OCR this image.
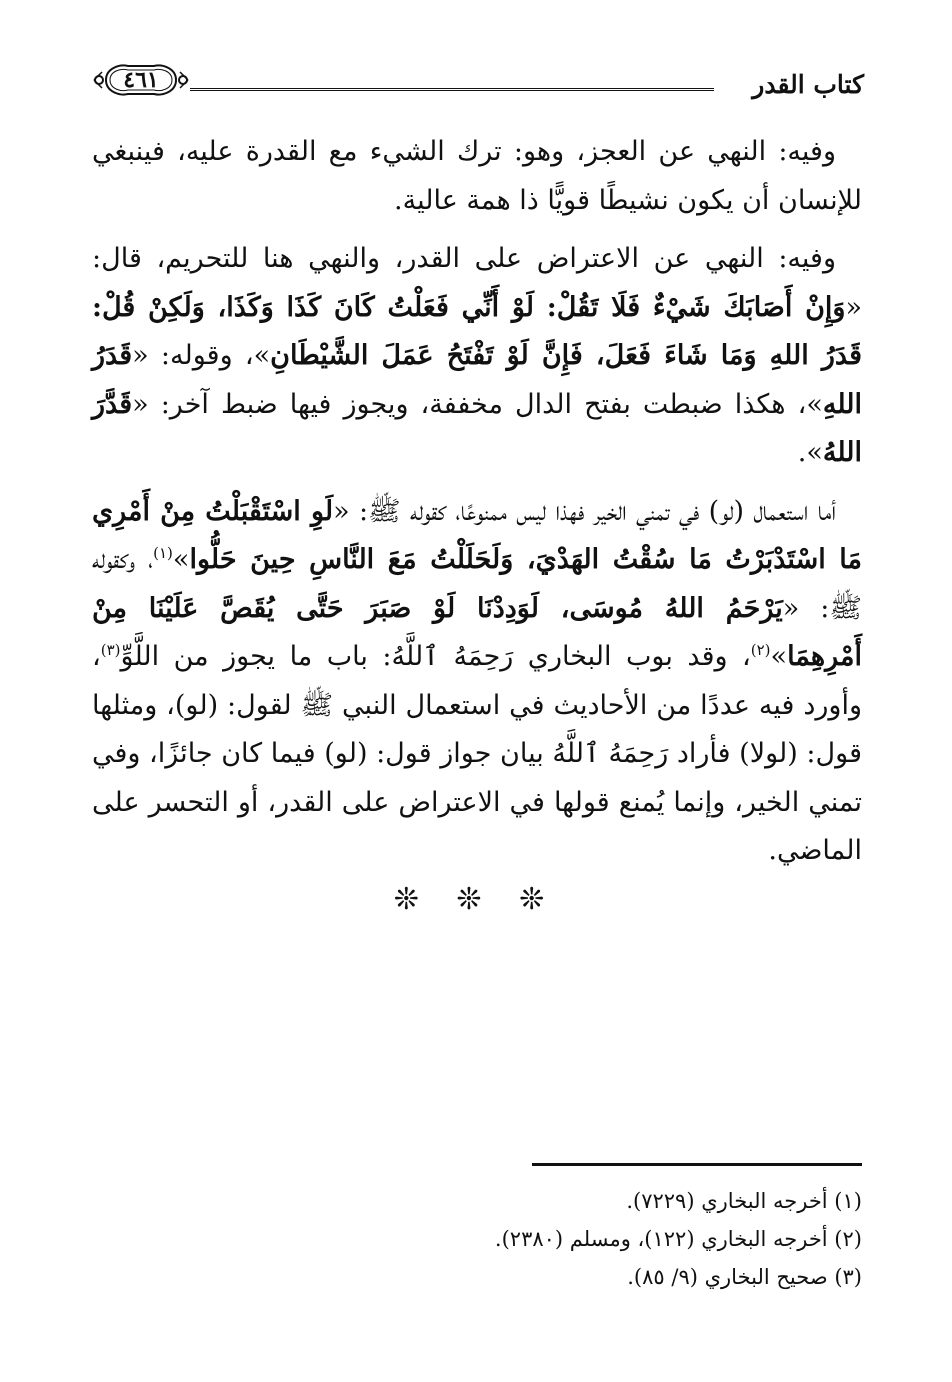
كتاب القدر
٤٦١

وفيه: النهي عن العجز، وهو: ترك الشيء مع القدرة عليه، فينبغي للإنسان أن يكون نشيطًا قويًّا ذا همة عالية.

وفيه: النهي عن الاعتراض على القدر، والنهي هنا للتحريم، قال: «وَإِنْ أَصَابَكَ شَيْءٌ فَلَا تَقُلْ: لَوْ أَنِّي فَعَلْتُ كَانَ كَذَا وَكَذَا، وَلَكِنْ قُلْ: قَدَرُ اللهِ وَمَا شَاءَ فَعَلَ، فَإِنَّ لَوْ تَفْتَحُ عَمَلَ الشَّيْطَانِ»، وقوله: «قَدَرُ اللهِ»، هكذا ضبطت بفتح الدال مخففة، ويجوز فيها ضبط آخر: «قَدَّرَ اللهُ».

أما استعمال (لو) في تمني الخير فهذا ليس ممنوعًا، كقوله ﷺ: «لَوِ اسْتَقْبَلْتُ مِنْ أَمْرِي مَا اسْتَدْبَرْتُ مَا سُقْتُ الهَدْيَ، وَلَحَلَلْتُ مَعَ النَّاسِ حِينَ حَلُّوا»$^{(١)}$، وكقوله ﷺ: «يَرْحَمُ اللهُ مُوسَى، لَوَدِدْنَا لَوْ صَبَرَ حَتَّى يُقَصَّ عَلَيْنَا مِنْ أَمْرِهِمَا»$^{(٢)}$، وقد بوب البخاري رَحِمَهُ ٱللَّهُ: باب ما يجوز من اللَّوِّ$^{(٣)}$، وأورد فيه عددًا من الأحاديث في استعمال النبي ﷺ لقول: (لو)، ومثلها قول: (لولا) فأراد رَحِمَهُ ٱللَّهُ بيان جواز قول: (لو) فيما كان جائزًا، وفي تمني الخير، وإنما يُمنع قولها في الاعتراض على القدر، أو التحسر على الماضي.

❊ ❊ ❊

(١) أخرجه البخاري (٧٢٢٩).

(٢) أخرجه البخاري (١٢٢)، ومسلم (٢٣٨٠).

(٣) صحيح البخاري (٩/ ٨٥).
